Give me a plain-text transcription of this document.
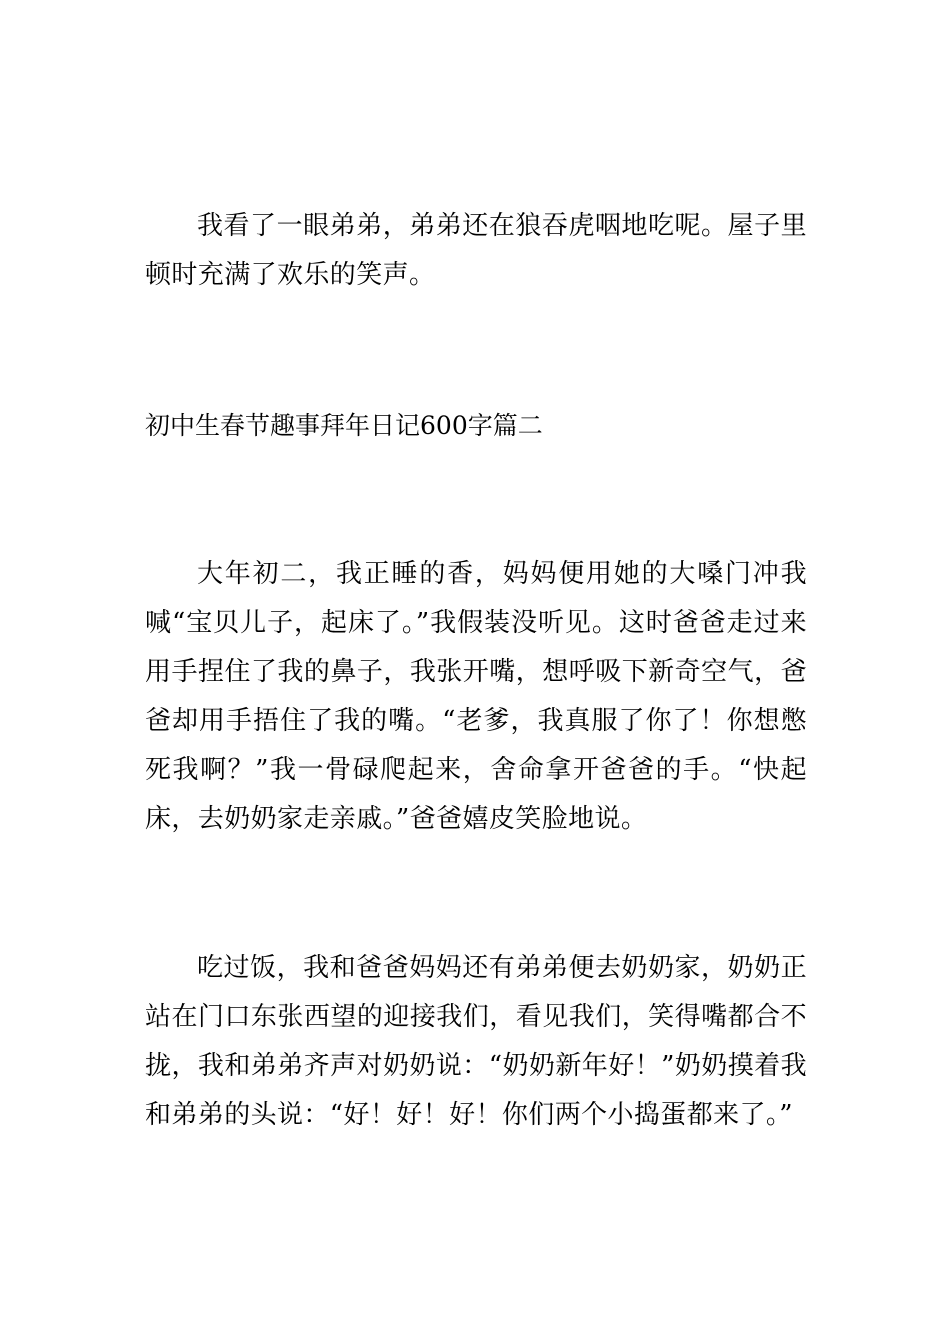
我看了一眼弟弟，弟弟还在狼吞虎咽地吃呢。屋子里顿时充满了欢乐的笑声。

初中生春节趣事拜年日记600字篇二

大年初二，我正睡的香，妈妈便用她的大嗓门冲我喊“宝贝儿子，起床了。”我假装没听见。这时爸爸走过来用手捏住了我的鼻子，我张开嘴，想呼吸下新奇空气，爸爸却用手捂住了我的嘴。“老爹，我真服了你了！你想憋死我啊？”我一骨碌爬起来，舍命拿开爸爸的手。“快起床，去奶奶家走亲戚。”爸爸嬉皮笑脸地说。

吃过饭，我和爸爸妈妈还有弟弟便去奶奶家，奶奶正站在门口东张西望的迎接我们，看见我们，笑得嘴都合不拢，我和弟弟齐声对奶奶说：“奶奶新年好！”奶奶摸着我和弟弟的头说：“好！好！好！你们两个小捣蛋都来了。”
